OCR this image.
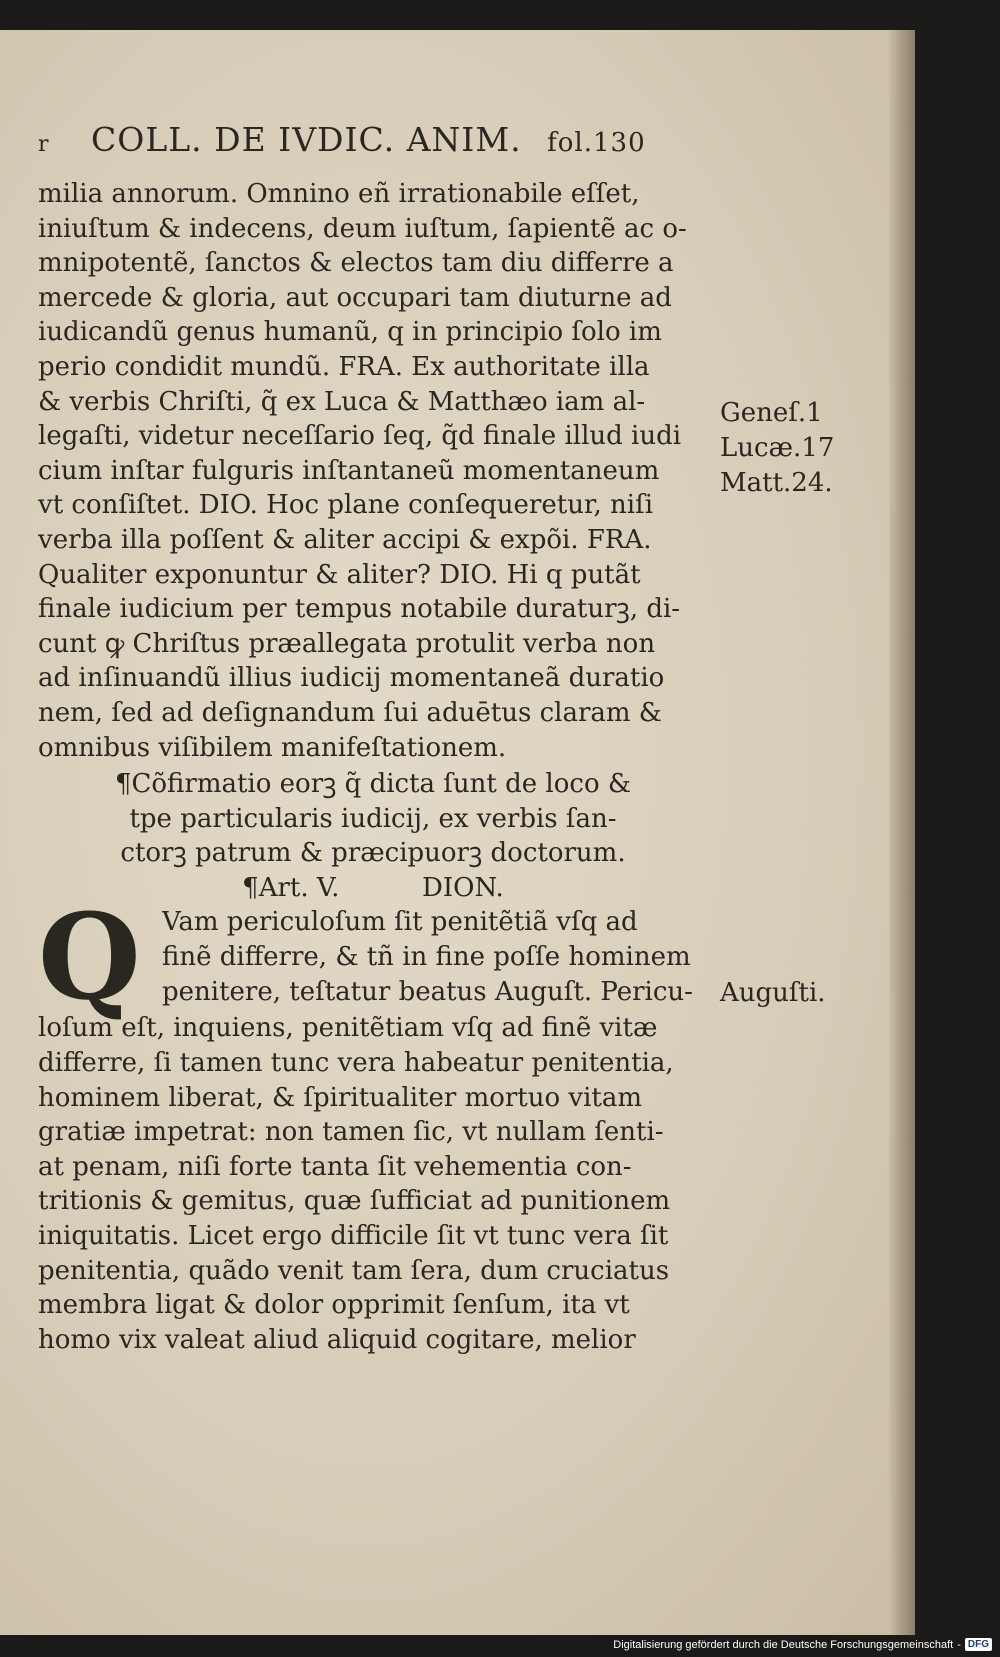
r COLL. DE IVDIC. ANIM. fol.130
milia annorum. Omnino eñ irrationabile eſſet,
iniuſtum & indecens, deum iuſtum, ſapientẽ ac o-
mnipotentẽ, ſanctos & electos tam diu differre a
mercede & gloria, aut occupari tam diuturne ad
iudicandũ genus humanũ, q in principio ſolo im
perio condidit mundũ. FRA. Ex authoritate illa
& verbis Chriſti, q̃ ex Luca & Matthæo iam al-
legaſti, videtur neceſſario ſeq, q̃d finale illud iudi
cium inſtar fulguris inſtantaneũ momentaneum
vt conſiſtet. DIO. Hoc plane conſequeretur, niſi
verba illa poſſent & aliter accipi & expõi. FRA.
Qualiter exponuntur & aliter? DIO. Hi q putãt
finale iudicium per tempus notabile duraturꝫ, di-
cunt ꝙ Chriſtus præallegata protulit verba non
ad inſinuandũ illius iudicij momentaneã duratio
nem, ſed ad deſignandum ſui aduētus claram &
omnibus viſibilem manifeſtationem.
¶Cõfirmatio eorꝫ q̃ dicta ſunt de loco &
tpe particularis iudicij, ex verbis ſan-
ctorꝫ patrum & præcipuorꝫ doctorum.
¶Art. V.          DION.
Q Vam periculoſum ſit penitẽtiã vſq ad
finẽ differre, & tñ in fine poſſe hominem
penitere, teſtatur beatus Auguſt. Pericu-
loſum eſt, inquiens, penitẽtiam vſq ad finẽ vitæ
differre, ſi tamen tunc vera habeatur penitentia,
hominem liberat, & ſpiritualiter mortuo vitam
gratiæ impetrat: non tamen ſic, vt nullam ſenti-
at penam, niſi forte tanta ſit vehementia con-
tritionis & gemitus, quæ ſufficiat ad punitionem
iniquitatis. Licet ergo difficile ſit vt tunc vera ſit
penitentia, quãdo venit tam ſera, dum cruciatus
membra ligat & dolor opprimit ſenſum, ita vt
homo vix valeat aliud aliquid cogitare, melior
Geneſ.1
Lucæ.17
Matt.24.
Auguſti.
Digitalisierung gefördert durch die Deutsche Forschungsgemeinschaft - DFG
